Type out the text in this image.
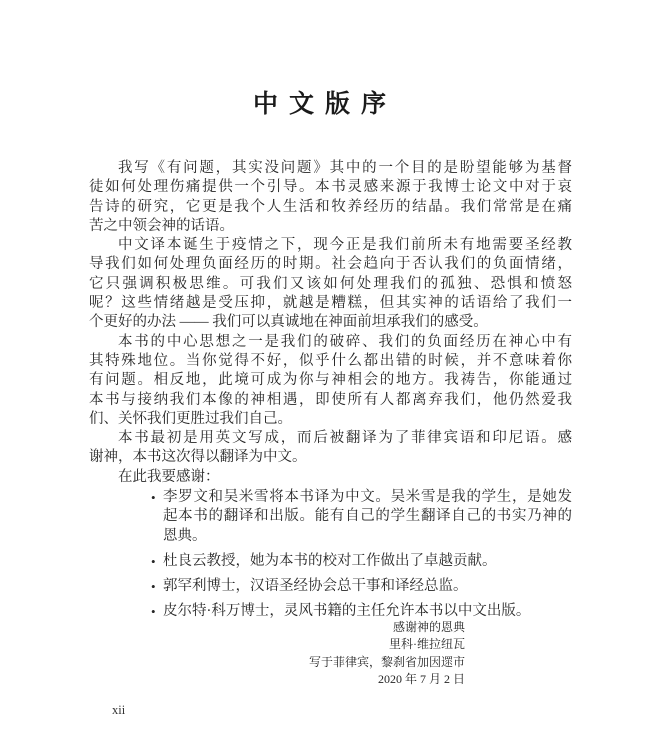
中文版序
我写《有问题，其实没问题》其中的一个目的是盼望能够为基督
徒如何处理伤痛提供一个引导。本书灵感来源于我博士论文中对于哀
告诗的研究，它更是我个人生活和牧养经历的结晶。我们常常是在痛
苦之中领会神的话语。
中文译本诞生于疫情之下，现今正是我们前所未有地需要圣经教
导我们如何处理负面经历的时期。社会趋向于否认我们的负面情绪，
它只强调积极思维。可我们又该如何处理我们的孤独、恐惧和愤怒
呢？这些情绪越是受压抑，就越是糟糕，但其实神的话语给了我们一
个更好的办法 —— 我们可以真诚地在神面前坦承我们的感受。
本书的中心思想之一是我们的破碎、我们的负面经历在神心中有
其特殊地位。当你觉得不好，似乎什么都出错的时候，并不意味着你
有问题。相反地，此境可成为你与神相会的地方。我祷告，你能通过
本书与接纳我们本像的神相遇，即使所有人都离弃我们，他仍然爱我
们、关怀我们更胜过我们自己。
本书最初是用英文写成，而后被翻译为了菲律宾语和印尼语。感
谢神，本书这次得以翻译为中文。
在此我要感谢：
• 李罗文和吴米雪将本书译为中文。吴米雪是我的学生，是她发
起本书的翻译和出版。能有自己的学生翻译自己的书实乃神的
恩典。
• 杜良云教授，她为本书的校对工作做出了卓越贡献。
• 郭罕利博士，汉语圣经协会总干事和译经总监。
• 皮尔特·科万博士，灵风书籍的主任允许本书以中文出版。
感谢神的恩典
里科·维拉纽瓦
写于菲律宾，黎刹省加因遝市
2020 年 7 月 2 日
xii
